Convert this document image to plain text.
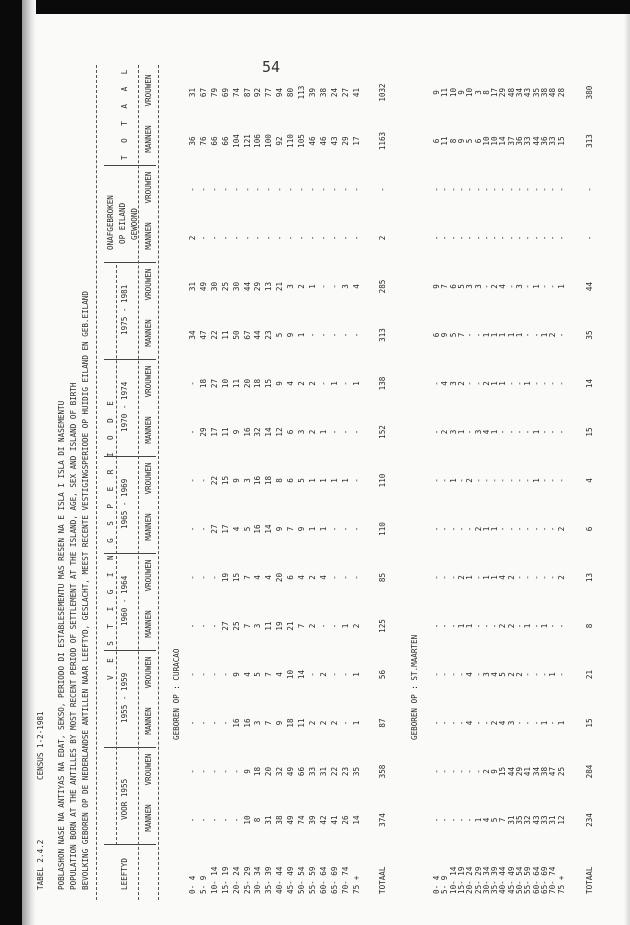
54
TABEL 2.4.2
CENSUS 1-2-1981 POBLASHON NASE NA ANTIYAS NA EDAT, SEKSO, PERIODO DI ESTABLESEMENTU MAS RESEN NA E ISLA I ISLA DI NASEMENTU POPULATION BORN AT THE ANTILLES BY MOST RECENT PERIOD OF SETTLEMENT AT THE ISLAND, AGE, SEX AND ISLAND OF BIRTH BEVOLKING GEBOREN OP DE NEDERLANDSE ANTILLEN NAAR LEEFTYD, GESLACHT, MEEST RECENTE VESTIGINGSPERIODE OP HUIDIG EILAND EN GEB.EILAND	LEEFTYD
V E S T I G I N G S P E R I O D E
VOOR 1955
1955 - 1959
1960 - 1964
1965 - 1969
1970 - 1974
1975 - 1981
ONAFGEBROKEN OP EILAND GEWOOND
T O T A A L
MANNEN
VROUWEN
MANNEN
VROUWEN
MANNEN
VROUWEN
MANNEN
VROUWEN
MANNEN
VROUWEN
MANNEN
VROUWEN
MANNEN
VROUWEN
MANNEN
VROUWEN
GEBOREN OP : CURACAO
0- 4
-
-
-
-
-
-
-
-
-
-
34
31
2
-
36
31
5- 9
-
-
-
-
-
-
-
-
29
18
47
49
-
-
76
67
10- 14
-
-
-
-
-
-
27
22
17
27
22
30
-
-
66
79
15- 19
-
-
-
-
27
19
17
15
11
10
11
25
-
-
66
69
20- 24
-
-
16
9
25
15
4
9
9
11
50
30
-
-
104
74
25- 29
10
9
16
4
7
7
5
3
16
20
67
44
-
-
121
87
30- 34
8
18
3
5
3
4
16
16
32
18
44
29
-
-
106
92
35- 39
31
20
7
7
11
4
14
18
14
15
23
13
-
-
100
77
40- 44
38
32
9
4
19
20
9
8
12
9
5
21
-
-
92
94
45- 49
49
49
18
10
21
6
7
6
6
4
9
3
-
-
110
80
50- 54
74
66
11
14
7
4
9
5
3
2
1
2
-
-
105
113
55- 59
39
33
2
-
2
2
1
1
2
2
-
1
-
-
46
39
60- 64
42
31
2
2
-
4
1
1
1
-
-
-
-
-
46
38
65- 69
41
22
2
-
-
-
-
1
-
1
-
-
-
-
43
24
70- 74
26
23
-
-
1
-
-
1
-
-
-
3
-
-
29
27
75 +
14
35
1
1
2
-
-
-
-
1
-
4
-
-
17
41
TOTAAL
374
358
87
56
125
85
110
110
152
138
313
285
2
-
1163
1032
GEBOREN OP : ST.MAARTEN
0- 4
-
-
-
-
-
-
-
-
-
-
6
9
-
-
6
9
5- 9
-
-
-
-
-
-
-
-
2
4
9
7
-
-
11
11
10- 14
-
-
-
-
-
-
-
1
3
3
5
6
-
-
8
10
15- 19
-
-
-
-
1
2
-
-
1
2
7
5
-
-
9
9
20- 24
-
-
4
4
1
1
-
2
-
-
-
3
-
-
5
10
25- 29
1
-
-
-
-
-
2
-
3
-
-
3
-
-
6
3
30- 34
4
2
-
3
-
1
1
-
4
2
1
-
-
-
10
8
35- 39
5
9
2
4
-
1
1
-
1
1
1
2
-
-
10
17
40- 44
7
15
4
5
2
4
-
-
-
1
1
4
-
-
14
29
45- 49
31
44
3
2
2
2
-
-
-
-
1
-
-
-
37
48
50- 54
35
29
-
2
-
-
-
-
-
-
1
3
-
-
36
34
55- 59
32
41
-
-
1
-
-
-
-
1
-
-
-
-
33
43
60- 64
43
34
-
-
-
-
-
1
1
-
-
1
-
-
44
35
65- 69
33
38
1
-
1
-
-
-
-
-
1
-
-
-
36
38
70- 74
31
47
-
1
-
-
-
-
-
-
2
-
-
-
33
48
75 +
12
25
1
-
-
2
2
-
-
-
-
1
-
-
15
28
TOTAAL
234
284
15
21
8
13
6
4
15
14
35
44
-
-
313
380
